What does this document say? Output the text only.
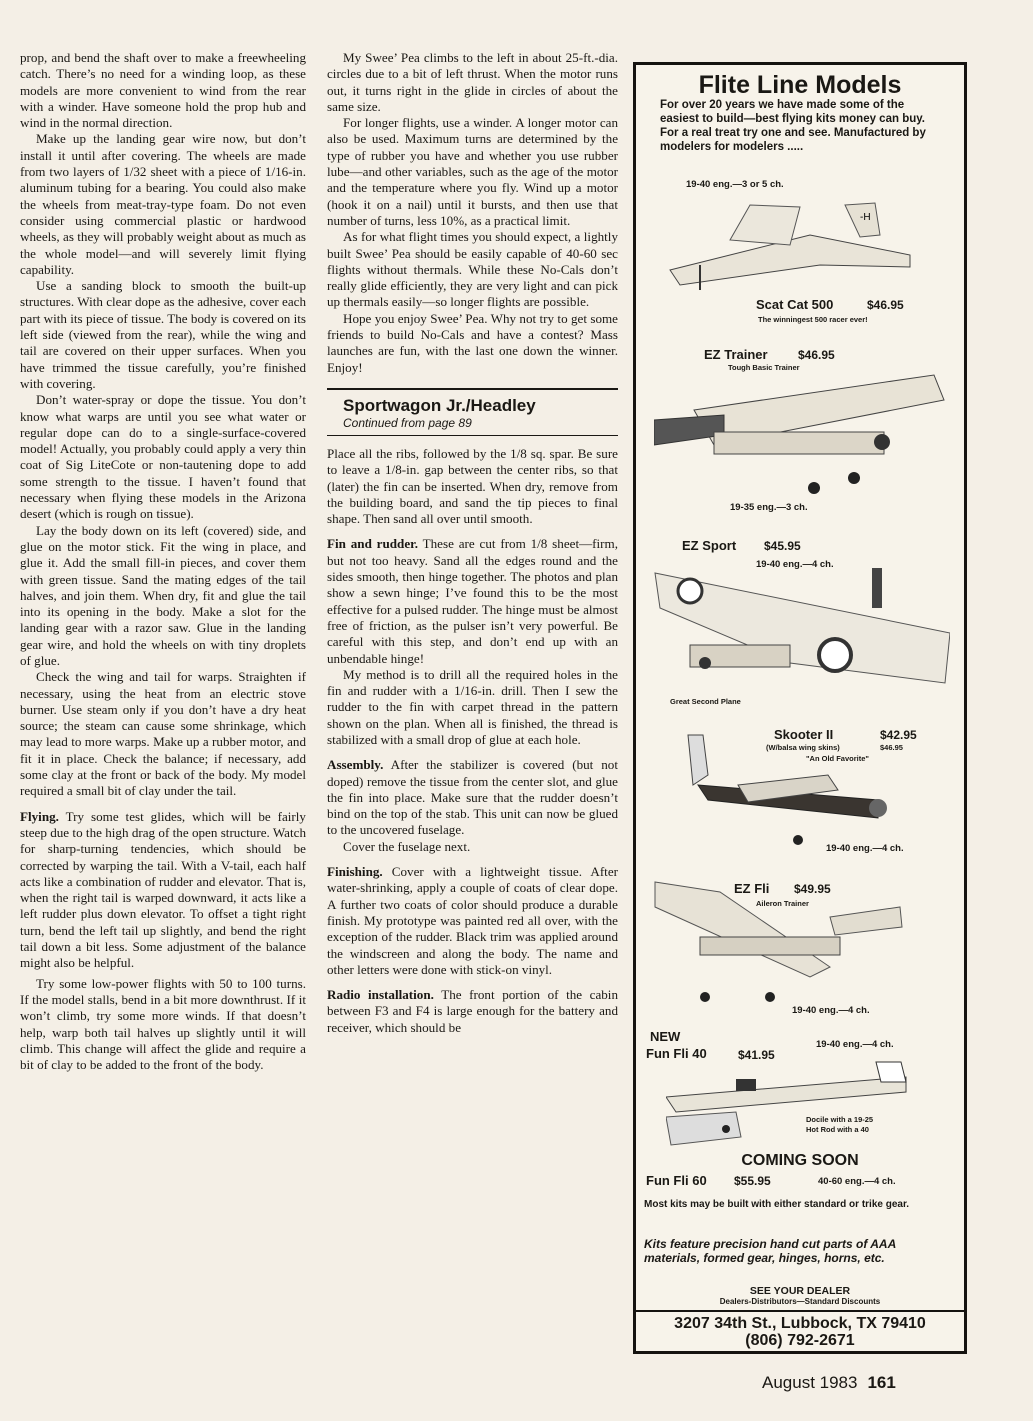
prop, and bend the shaft over to make a freewheeling catch. There’s no need for a winding loop, as these models are more convenient to wind from the rear with a winder. Have someone hold the prop hub and wind in the normal direction.

Make up the landing gear wire now, but don’t install it until after covering. The wheels are made from two layers of 1/32 sheet with a piece of 1/16-in. aluminum tubing for a bearing. You could also make the wheels from meat-tray-type foam. Do not even consider using commercial plastic or hardwood wheels, as they will probably weight about as much as the whole model—and will severely limit flying capability.

Use a sanding block to smooth the built-up structures. With clear dope as the adhesive, cover each part with its piece of tissue. The body is covered on its left side (viewed from the rear), while the wing and tail are covered on their upper surfaces. When you have trimmed the tissue carefully, you’re finished with covering.

Don’t water-spray or dope the tissue. You don’t know what warps are until you see what water or regular dope can do to a single-surface-covered model! Actually, you probably could apply a very thin coat of Sig LiteCote or non-tautening dope to add some strength to the tissue. I haven’t found that necessary when flying these models in the Arizona desert (which is rough on tissue).

Lay the body down on its left (covered) side, and glue on the motor stick. Fit the wing in place, and glue it. Add the small fill-in pieces, and cover them with green tissue. Sand the mating edges of the tail halves, and join them. When dry, fit and glue the tail into its opening in the body. Make a slot for the landing gear with a razor saw. Glue in the landing gear wire, and hold the wheels on with tiny droplets of glue.

Check the wing and tail for warps. Straighten if necessary, using the heat from an electric stove burner. Use steam only if you don’t have a dry heat source; the steam can cause some shrinkage, which may lead to more warps. Make up a rubber motor, and fit it in place. Check the balance; if necessary, add some clay at the front or back of the body. My model required a small bit of clay under the tail.

Flying. Try some test glides, which will be fairly steep due to the high drag of the open structure. Watch for sharp-turning tendencies, which should be corrected by warping the tail. With a V-tail, each half acts like a combination of rudder and elevator. That is, when the right tail is warped downward, it acts like a left rudder plus down elevator. To offset a tight right turn, bend the left tail up slightly, and bend the right tail down a bit less. Some adjustment of the balance might also be helpful.

Try some low-power flights with 50 to 100 turns. If the model stalls, bend in a bit more downthrust. If it won’t climb, try some more winds. If that doesn’t help, warp both tail halves up slightly until it will climb. This change will affect the glide and require a bit of clay to be added to the front of the body.

My Swee’ Pea climbs to the left in about 25-ft.-dia. circles due to a bit of left thrust. When the motor runs out, it turns right in the glide in circles of about the same size.

For longer flights, use a winder. A longer motor can also be used. Maximum turns are determined by the type of rubber you have and whether you use rubber lube—and other variables, such as the age of the motor and the temperature where you fly. Wind up a motor (hook it on a nail) until it bursts, and then use that number of turns, less 10%, as a practical limit.

As for what flight times you should expect, a lightly built Swee’ Pea should be easily capable of 40-60 sec flights without thermals. While these No-Cals don’t really glide efficiently, they are very light and can pick up thermals easily—so longer flights are possible.

Hope you enjoy Swee’ Pea. Why not try to get some friends to build No-Cals and have a contest? Mass launches are fun, with the last one down the winner. Enjoy!

Sportwagon Jr./Headley

Continued from page 89

Place all the ribs, followed by the 1/8 sq. spar. Be sure to leave a 1/8-in. gap between the center ribs, so that (later) the fin can be inserted. When dry, remove from the building board, and sand the tip pieces to final shape. Then sand all over until smooth.

Fin and rudder. These are cut from 1/8 sheet—firm, but not too heavy. Sand all the edges round and the sides smooth, then hinge together. The photos and plan show a sewn hinge; I’ve found this to be the most effective for a pulsed rudder. The hinge must be almost free of friction, as the pulser isn’t very powerful. Be careful with this step, and don’t end up with an unbendable hinge!

My method is to drill all the required holes in the fin and rudder with a 1/16-in. drill. Then I sew the rudder to the fin with carpet thread in the pattern shown on the plan. When all is finished, the thread is stabilized with a small drop of glue at each hole.

Assembly. After the stabilizer is covered (but not doped) remove the tissue from the center slot, and glue the fin into place. Make sure that the rudder doesn’t bind on the top of the stab. This unit can now be glued to the uncovered fuselage.

Cover the fuselage next.

Finishing. Cover with a lightweight tissue. After water-shrinking, apply a couple of coats of clear dope. A further two coats of color should produce a durable finish. My prototype was painted red all over, with the exception of the rudder. Black trim was applied around the windscreen and along the body. The name and other letters were done with stick-on vinyl.

Radio installation. The front portion of the cabin between F3 and F4 is large enough for the battery and receiver, which should be

Flite Line Models
For over 20 years we have made some of the easiest to build—best flying kits money can buy. For a real treat try one and see. Manufactured by modelers for modelers .....
19-40 eng.—3 or 5 ch.
-H
Scat Cat 500	$46.95
The winningest 500 racer ever!
EZ Trainer	$46.95
Tough Basic Trainer
19-35 eng.—3 ch.
EZ Sport $45.95
19-40 eng.—4 ch.
Great Second Plane
Skooter II	$42.95
(W/balsa wing skins)	$46.95
"An Old Favorite"
19-40 eng.—4 ch.
EZ Fli $49.95
Aileron Trainer
19-40 eng.—4 ch.
NEW
Fun Fli 40	$41.95
19-40 eng.—4 ch.
Docile with a 19-25
Hot Rod with a 40
COMING SOON
Fun Fli 60 $55.95	40-60 eng.—4 ch.
Most kits may be built with either standard or trike gear.
Kits feature precision hand cut parts of AAA materials, formed gear, hinges, horns, etc.
SEE YOUR DEALER
Dealers-Distributors—Standard Discounts
3207 34th St., Lubbock, TX 79410
(806) 792-2671
August 1983 161
